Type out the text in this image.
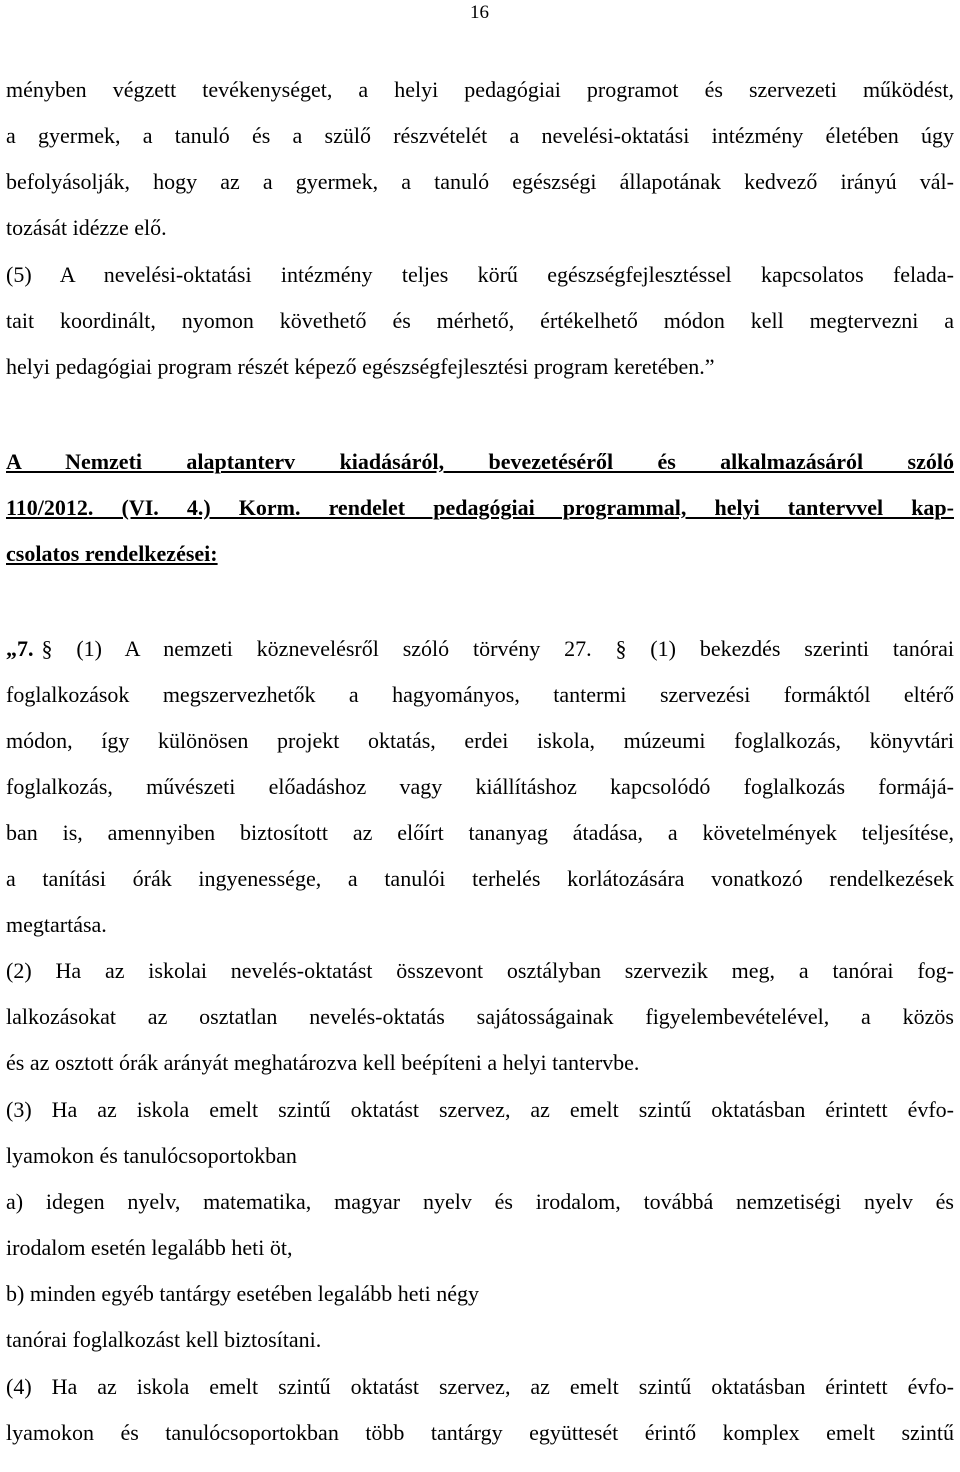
16
ményben végzett tevékenységet, a helyi pedagógiai programot és szervezeti működést,
a gyermek, a tanuló és a szülő részvételét a nevelési-oktatási intézmény életében úgy
befolyásolják, hogy az a gyermek, a tanuló egészségi állapotának kedvező irányú vál-
tozását idézze elő.
(5) A nevelési-oktatási intézmény teljes körű egészségfejlesztéssel kapcsolatos felada-
tait koordinált, nyomon követhető és mérhető, értékelhető módon kell megtervezni a
helyi pedagógiai program részét képező egészségfejlesztési program keretében.”
A Nemzeti alaptanterv kiadásáról, bevezetéséről és alkalmazásáról szóló
110/2012. (VI. 4.) Korm. rendelet pedagógiai programmal, helyi tantervvel kap-
csolatos rendelkezései:
„7. § (1) A nemzeti köznevelésről szóló törvény 27. § (1) bekezdés szerinti tanórai
foglalkozások megszervezhetők a hagyományos, tantermi szervezési formáktól eltérő
módon, így különösen projekt oktatás, erdei iskola, múzeumi foglalkozás, könyvtári
foglalkozás, művészeti előadáshoz vagy kiállításhoz kapcsolódó foglalkozás formájá-
ban is, amennyiben biztosított az előírt tananyag átadása, a követelmények teljesítése,
a tanítási órák ingyenessége, a tanulói terhelés korlátozására vonatkozó rendelkezések
megtartása.
(2) Ha az iskolai nevelés-oktatást összevont osztályban szervezik meg, a tanórai fog-
lalkozásokat az osztatlan nevelés-oktatás sajátosságainak figyelembevételével, a közös
és az osztott órák arányát meghatározva kell beépíteni a helyi tantervbe.
(3) Ha az iskola emelt szintű oktatást szervez, az emelt szintű oktatásban érintett évfo-
lyamokon és tanulócsoportokban
a) idegen nyelv, matematika, magyar nyelv és irodalom, továbbá nemzetiségi nyelv és
irodalom esetén legalább heti öt,
b) minden egyéb tantárgy esetében legalább heti négy
tanórai foglalkozást kell biztosítani.
(4) Ha az iskola emelt szintű oktatást szervez, az emelt szintű oktatásban érintett évfo-
lyamokon és tanulócsoportokban több tantárgy együttesét érintő komplex emelt szintű
